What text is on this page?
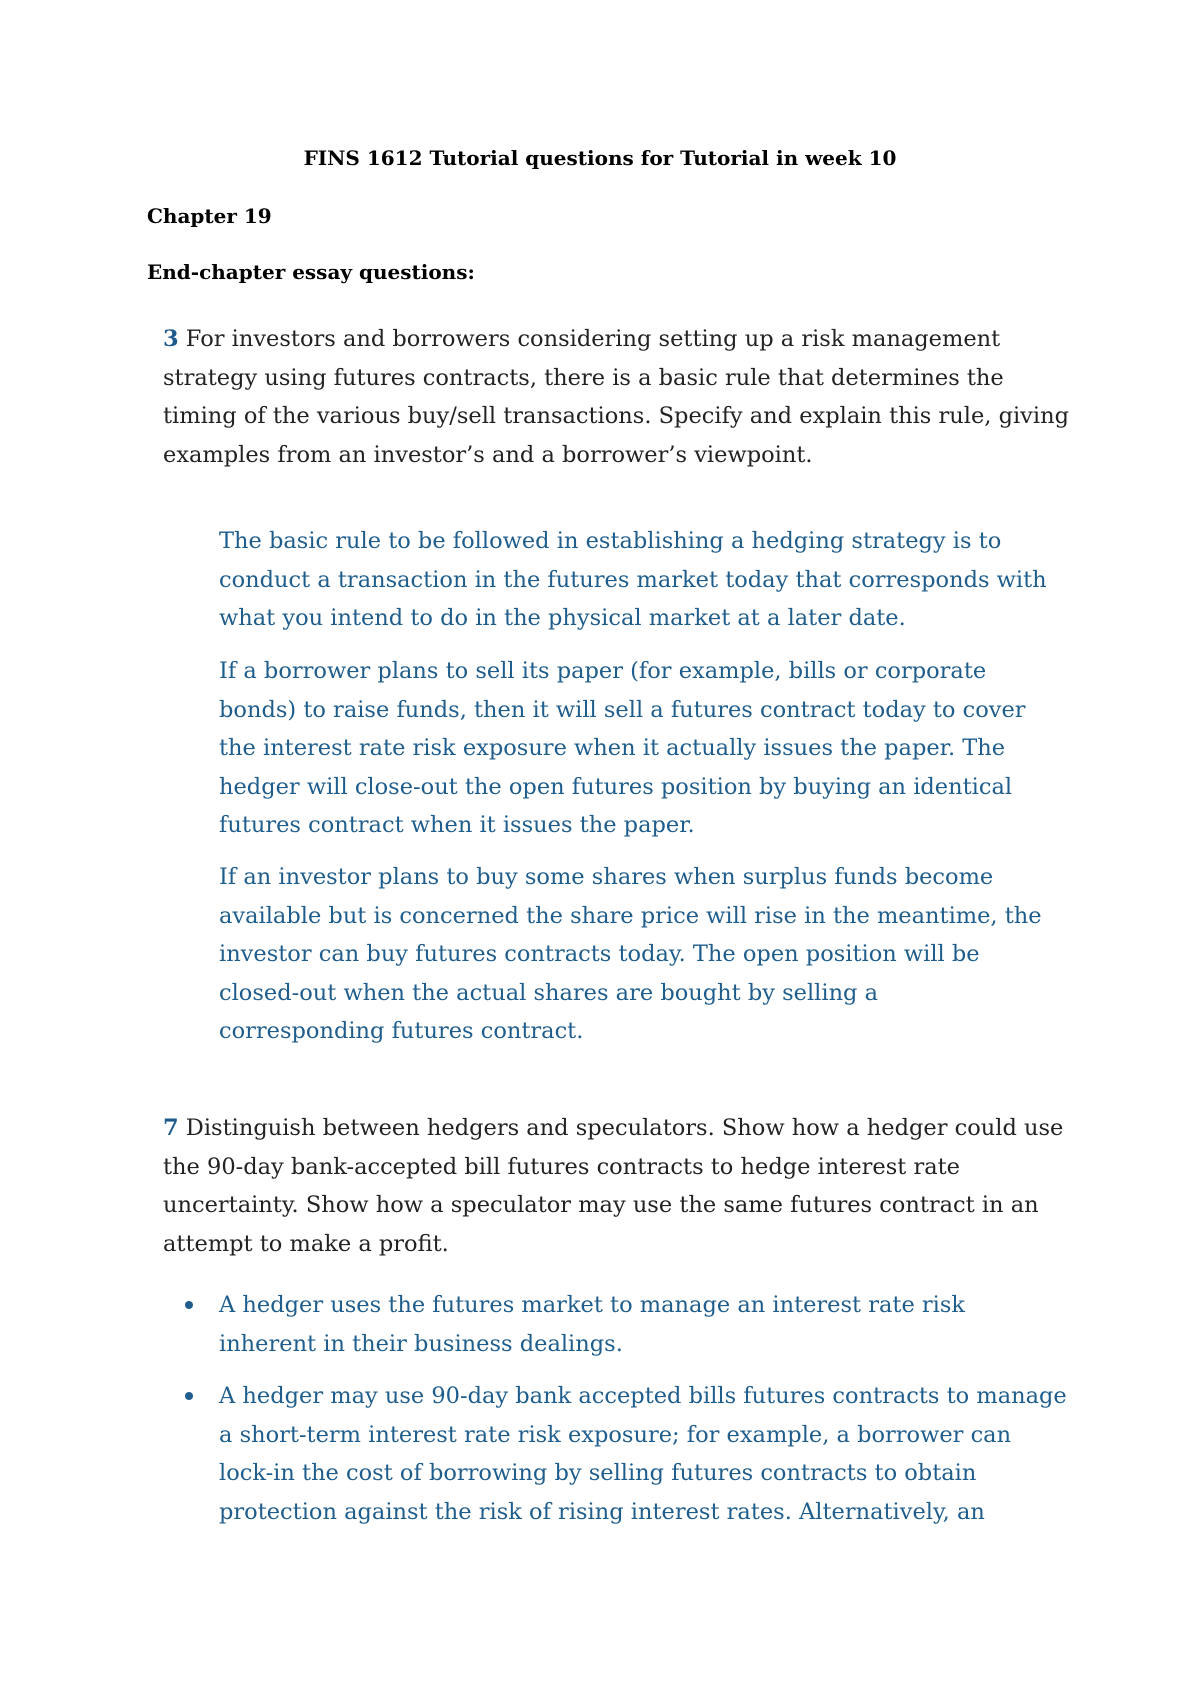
FINS 1612 Tutorial questions for Tutorial in week 10
Chapter 19
End-chapter essay questions:

3 For investors and borrowers considering setting up a risk management strategy using futures contracts, there is a basic rule that determines the timing of the various buy/sell transactions. Specify and explain this rule, giving examples from an investor’s and a borrower’s viewpoint.

The basic rule to be followed in establishing a hedging strategy is to conduct a transaction in the futures market today that corresponds with what you intend to do in the physical market at a later date.

If a borrower plans to sell its paper (for example, bills or corporate bonds) to raise funds, then it will sell a futures contract today to cover the interest rate risk exposure when it actually issues the paper. The hedger will close-out the open futures position by buying an identical futures contract when it issues the paper.

If an investor plans to buy some shares when surplus funds become available but is concerned the share price will rise in the meantime, the investor can buy futures contracts today. The open position will be closed-out when the actual shares are bought by selling a corresponding futures contract.

7 Distinguish between hedgers and speculators. Show how a hedger could use the 90-day bank-accepted bill futures contracts to hedge interest rate uncertainty. Show how a speculator may use the same futures contract in an attempt to make a profit.

A hedger uses the futures market to manage an interest rate risk inherent in their business dealings.
A hedger may use 90-day bank accepted bills futures contracts to manage a short-term interest rate risk exposure; for example, a borrower can lock-in the cost of borrowing by selling futures contracts to obtain protection against the risk of rising interest rates. Alternatively, an
